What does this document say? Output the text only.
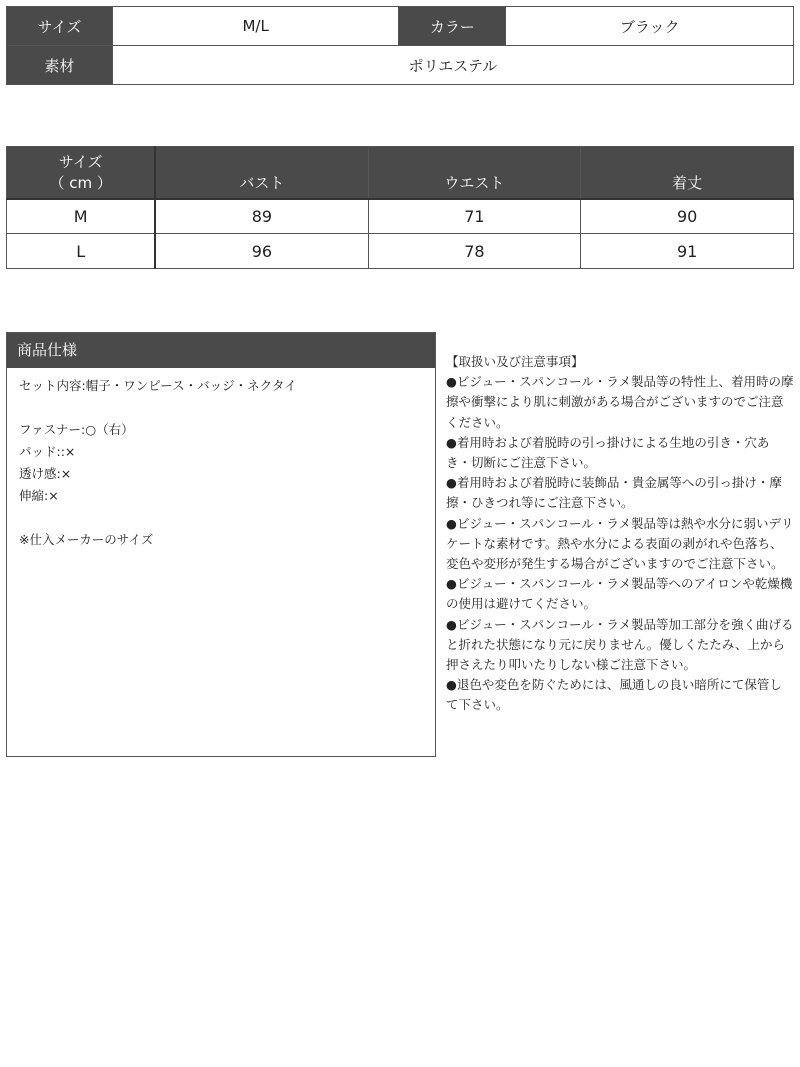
サイズ	M/L	カラー	ブラック
素材	ポリエステル		
サイズ
（ cm ）	バスト	ウエスト	着丈
M	89	71	90
L	96	78	91
商品仕様
セット内容:帽子・ワンピース・バッジ・ネクタイ
ファスナー:○（右）
パッド::×
透け感:×
伸縮:×
※仕入メーカーのサイズ
【取扱い及び注意事項】
●ビジュー・スパンコール・ラメ製品等の特性上、着用時の摩擦や衝撃により肌に刺激がある場合がございますのでご注意ください。
●着用時および着脱時の引っ掛けによる生地の引き・穴あき・切断にご注意下さい。
●着用時および着脱時に装飾品・貴金属等への引っ掛け・摩擦・ひきつれ等にご注意下さい。
●ビジュー・スパンコール・ラメ製品等は熱や水分に弱いデリケートな素材です。熱や水分による表面の剥がれや色落ち、変色や変形が発生する場合がございますのでご注意下さい。
●ビジュー・スパンコール・ラメ製品等へのアイロンや乾燥機の使用は避けてください。
●ビジュー・スパンコール・ラメ製品等加工部分を強く曲げると折れた状態になり元に戻りません。優しくたたみ、上から押さえたり叩いたりしない様ご注意下さい。
●退色や変色を防ぐためには、風通しの良い暗所にて保管して下さい。
